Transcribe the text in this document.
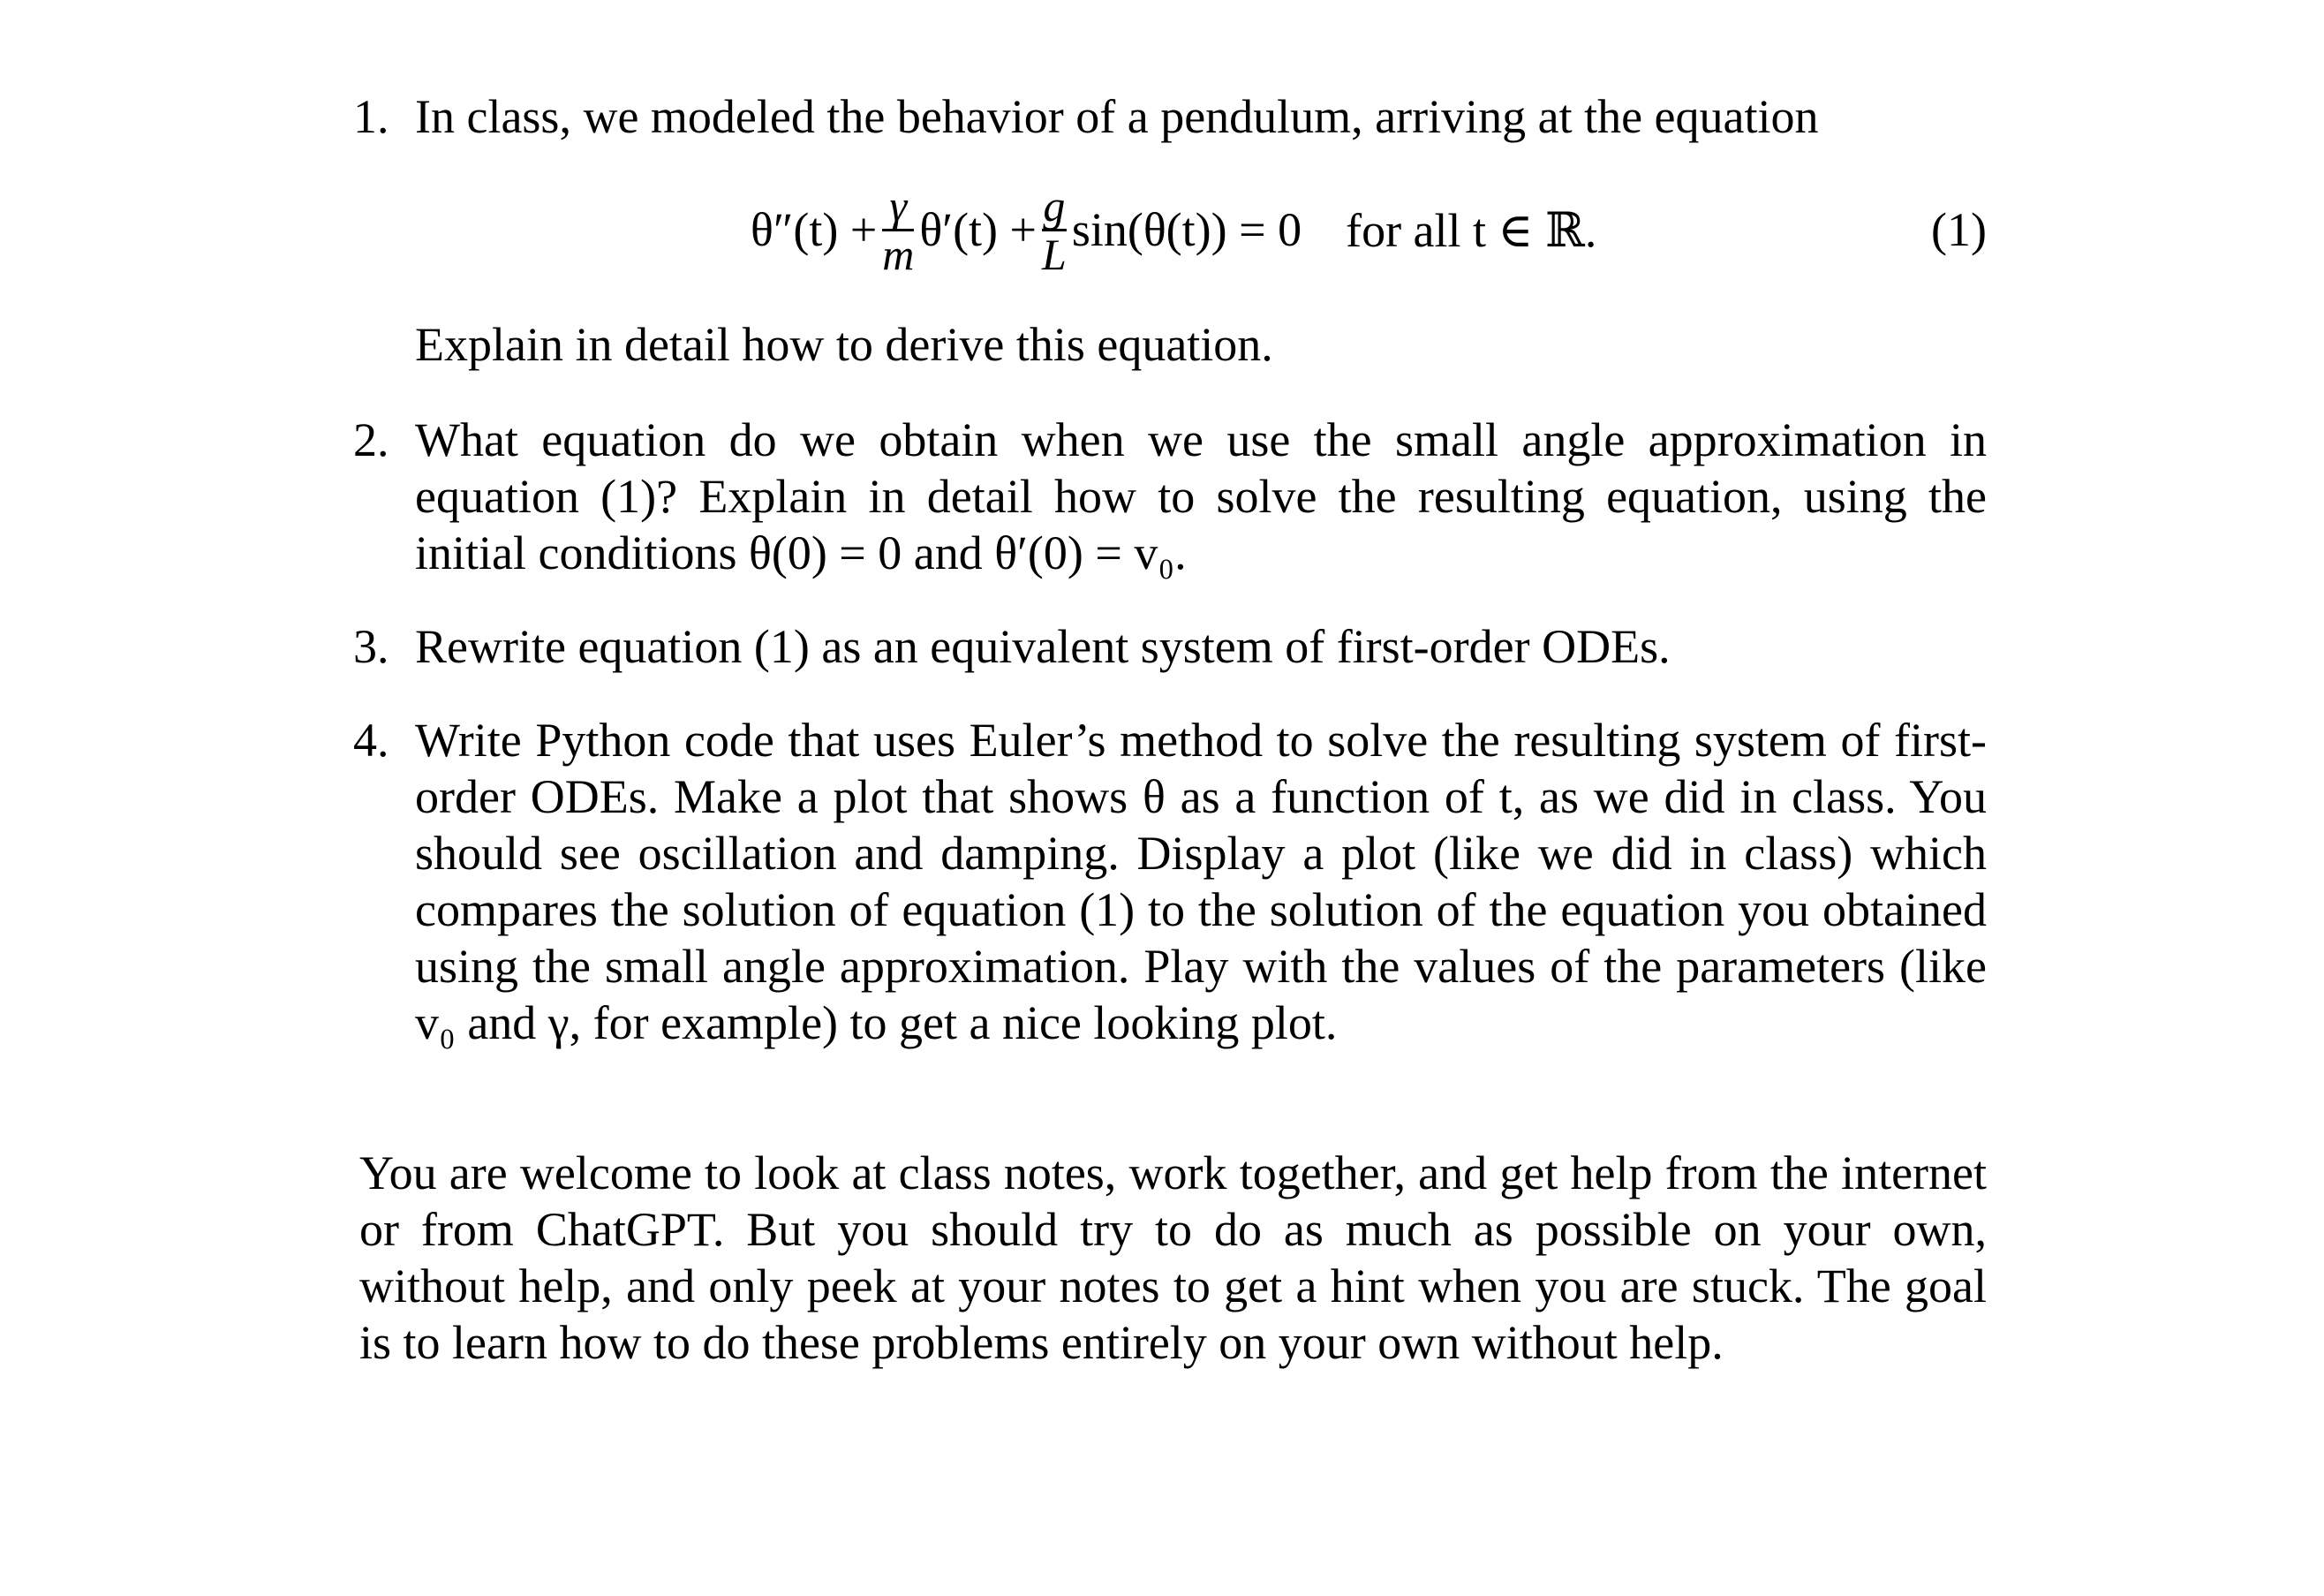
1. In class, we modeled the behavior of a pendulum, arriving at the equation

$\theta''(t) + \frac{\gamma}{m} \theta'(t) + \frac{g}{L} \sin(\theta(t)) = 0$ for all t ∈ ℝ.	(1)

Explain in detail how to derive this equation.

2. What equation do we obtain when we use the small angle approximation in equation (1)? Explain in detail how to solve the resulting equation, using the initial conditions θ(0) = 0 and θ′(0) = v₀.

3. Rewrite equation (1) as an equivalent system of first-order ODEs.

4. Write Python code that uses Euler’s method to solve the resulting system of first-order ODEs. Make a plot that shows θ as a function of t, as we did in class. You should see oscillation and damping. Display a plot (like we did in class) which compares the solution of equation (1) to the solution of the equation you obtained using the small angle approximation. Play with the values of the parameters (like v₀ and γ, for example) to get a nice looking plot.

You are welcome to look at class notes, work together, and get help from the internet or from ChatGPT. But you should try to do as much as possible on your own, without help, and only peek at your notes to get a hint when you are stuck. The goal is to learn how to do these problems entirely on your own without help.
